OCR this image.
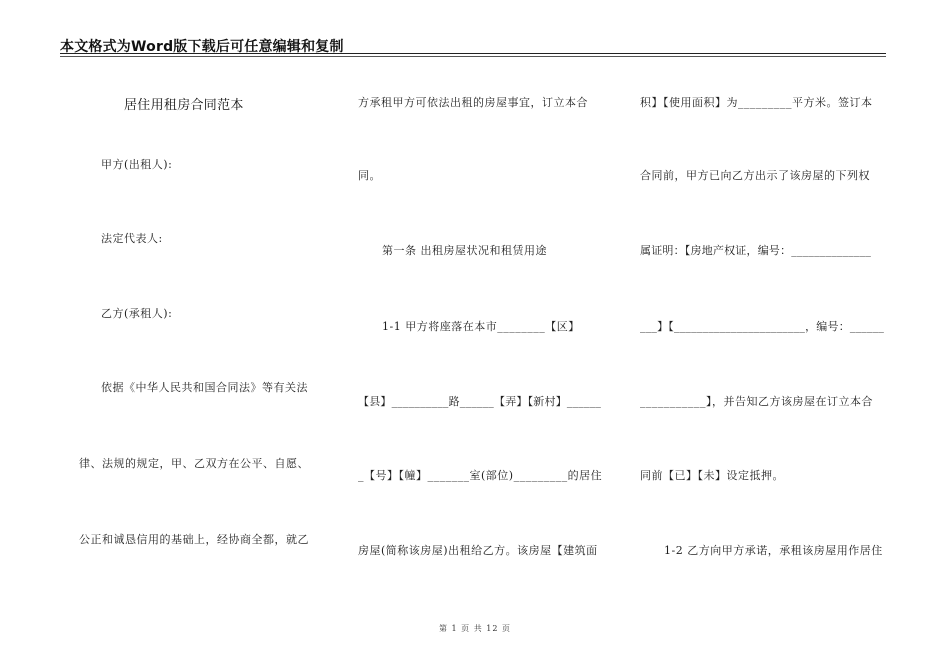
本文格式为Word版下载后可任意编辑和复制
居住用租房合同范本
甲方(出租人):
法定代表人:
乙方(承租人):
依据《中华人民共和国合同法》等有关法
律、法规的规定，甲、乙双方在公平、自愿、
公正和诚恳信用的基础上，经协商全都，就乙
方承租甲方可依法出租的房屋事宜，订立本合
同。
第一条 出租房屋状况和租赁用途
1-1 甲方将座落在本市________【区】
【县】__________路______【弄】【新村】______
_【号】【幢】_______室(部位)_________的居住
房屋(简称该房屋)出租给乙方。该房屋【建筑面
积】【使用面积】为_________平方米。签订本
合同前，甲方已向乙方出示了该房屋的下列权
属证明：【房地产权证，编号：______________
___】【_______________________，编号：______
___________】，并告知乙方该房屋在订立本合
同前【已】【未】设定抵押。
1-2 乙方向甲方承诺，承租该房屋用作居住
第 1 页 共 12 页
